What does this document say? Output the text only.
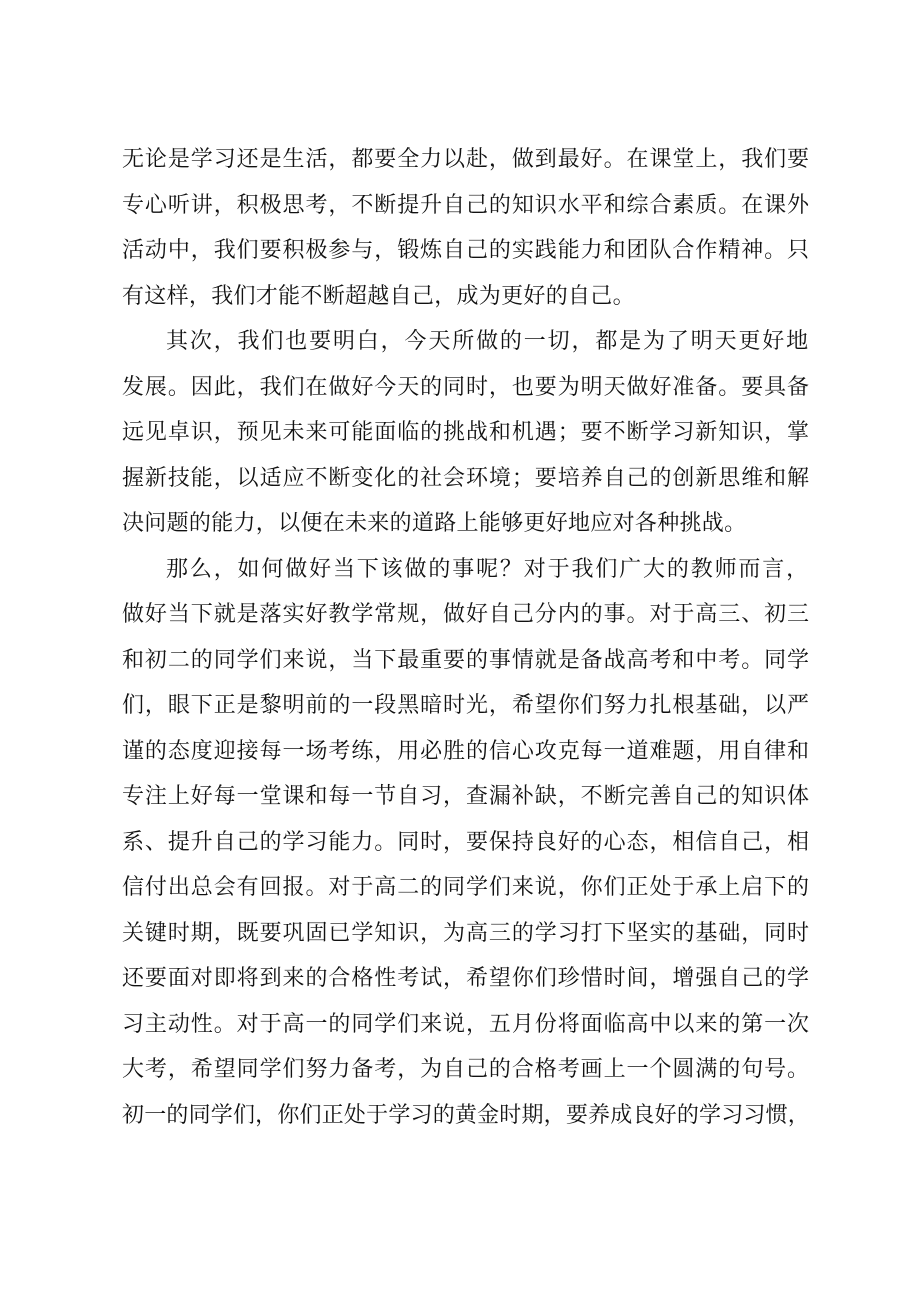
无论是学习还是生活，都要全力以赴，做到最好。在课堂上，我们要
专心听讲，积极思考，不断提升自己的知识水平和综合素质。在课外
活动中，我们要积极参与，锻炼自己的实践能力和团队合作精神。只
有这样，我们才能不断超越自己，成为更好的自己。
其次，我们也要明白，今天所做的一切，都是为了明天更好地
发展。因此，我们在做好今天的同时，也要为明天做好准备。要具备
远见卓识，预见未来可能面临的挑战和机遇；要不断学习新知识，掌
握新技能，以适应不断变化的社会环境；要培养自己的创新思维和解
决问题的能力，以便在未来的道路上能够更好地应对各种挑战。
那么，如何做好当下该做的事呢？对于我们广大的教师而言，
做好当下就是落实好教学常规，做好自己分内的事。对于高三、初三
和初二的同学们来说，当下最重要的事情就是备战高考和中考。同学
们，眼下正是黎明前的一段黑暗时光，希望你们努力扎根基础，以严
谨的态度迎接每一场考练，用必胜的信心攻克每一道难题，用自律和
专注上好每一堂课和每一节自习，查漏补缺，不断完善自己的知识体
系、提升自己的学习能力。同时，要保持良好的心态，相信自己，相
信付出总会有回报。对于高二的同学们来说，你们正处于承上启下的
关键时期，既要巩固已学知识，为高三的学习打下坚实的基础，同时
还要面对即将到来的合格性考试，希望你们珍惜时间，增强自己的学
习主动性。对于高一的同学们来说，五月份将面临高中以来的第一次
大考，希望同学们努力备考，为自己的合格考画上一个圆满的句号。
初一的同学们，你们正处于学习的黄金时期，要养成良好的学习习惯，
